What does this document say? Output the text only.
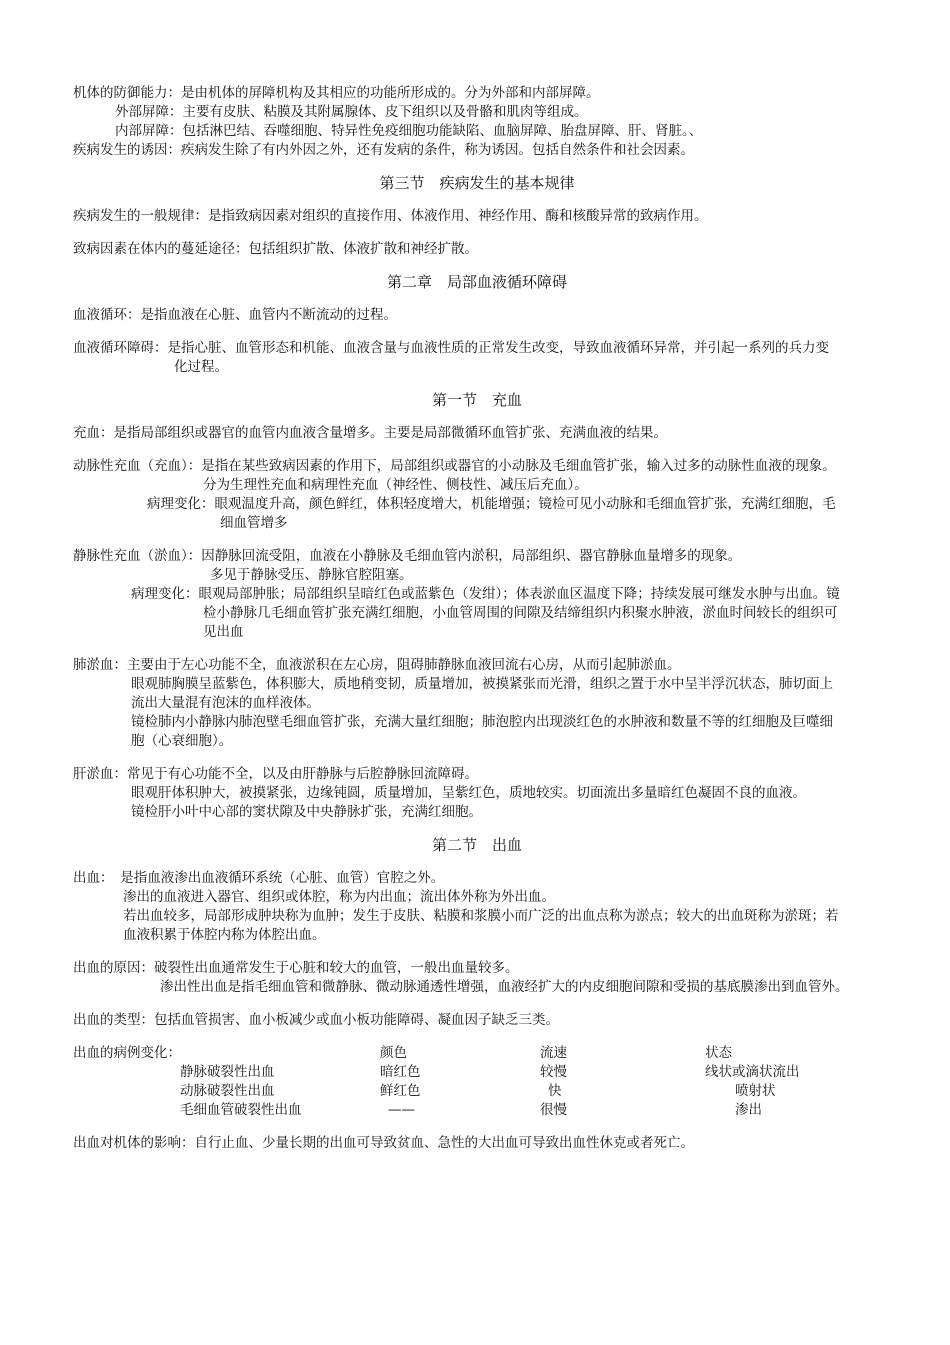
机体的防御能力：是由机体的屏障机构及其相应的功能所形成的。分为外部和内部屏障。
外部屏障：主要有皮肤、粘膜及其附属腺体、皮下组织以及骨骼和肌肉等组成。
内部屏障：包括淋巴结、吞噬细胞、特异性免疫细胞功能缺陷、血脑屏障、胎盘屏障、肝、肾脏。、
疾病发生的诱因：疾病发生除了有内外因之外，还有发病的条件，称为诱因。包括自然条件和社会因素。
第三节　疾病发生的基本规律
疾病发生的一般规律：是指致病因素对组织的直接作用、体液作用、神经作用、酶和核酸异常的致病作用。
致病因素在体内的蔓延途径：包括组织扩散、体液扩散和神经扩散。
第二章　局部血液循环障碍
血液循环：是指血液在心脏、血管内不断流动的过程。
血液循环障碍：是指心脏、血管形态和机能、血液含量与血液性质的正常发生改变，导致血液循环异常，并引起一系列的兵力变
化过程。
第一节　充血
充血：是指局部组织或器官的血管内血液含量增多。主要是局部微循环血管扩张、充满血液的结果。
动脉性充血（充血）：是指在某些致病因素的作用下，局部组织或器官的小动脉及毛细血管扩张，输入过多的动脉性血液的现象。
分为生理性充血和病理性充血（神经性、侧枝性、减压后充血）。
病理变化：眼观温度升高，颜色鲜红，体积轻度增大，机能增强；镜检可见小动脉和毛细血管扩张，充满红细胞，毛
细血管增多
静脉性充血（淤血）：因静脉回流受阻，血液在小静脉及毛细血管内淤积，局部组织、器官静脉血量增多的现象。
多见于静脉受压、静脉官腔阻塞。
病理变化：眼观局部肿胀；局部组织呈暗红色或蓝紫色（发绀）；体表淤血区温度下降；持续发展可继发水肿与出血。镜
检小静脉几毛细血管扩张充满红细胞，小血管周围的间隙及结缔组织内积聚水肿液，淤血时间较长的组织可
见出血
肺淤血：主要由于左心功能不全，血液淤积在左心房，阻碍肺静脉血液回流右心房，从而引起肺淤血。
眼观肺胸膜呈蓝紫色，体积膨大，质地稍变韧，质量增加，被摸紧张而光滑，组织之置于水中呈半浮沉状态，肺切面上
流出大量混有泡沫的血样液体。
镜检肺内小静脉内肺泡壁毛细血管扩张，充满大量红细胞；肺泡腔内出现淡红色的水肿液和数量不等的红细胞及巨噬细
胞（心衰细胞）。
肝淤血：常见于有心功能不全，以及由肝静脉与后腔静脉回流障碍。
眼观肝体积肿大，被摸紧张，边缘钝圆，质量增加，呈紫红色，质地较实。切面流出多量暗红色凝固不良的血液。
镜检肝小叶中心部的窦状隙及中央静脉扩张，充满红细胞。
第二节　出血
出血：　是指血液渗出血液循环系统（心脏、血管）官腔之外。
渗出的血液进入器官、组织或体腔，称为内出血；流出体外称为外出血。
若出血较多，局部形成肿块称为血肿；发生于皮肤、粘膜和浆膜小而广泛的出血点称为淤点；较大的出血斑称为淤斑；若
血液积累于体腔内称为体腔出血。
出血的原因：破裂性出血通常发生于心脏和较大的血管，一般出血量较多。
渗出性出血是指毛细血管和微静脉、微动脉通透性增强，血液经扩大的内皮细胞间隙和受损的基底膜渗出到血管外。
出血的类型：包括血管损害、血小板减少或血小板功能障碍、凝血因子缺乏三类。
出血的病例变化：	颜色	流速	状态
静脉破裂性出血	暗红色	较慢	线状或滴状流出
动脉破裂性出血	鲜红色	快	喷射状
毛细血管破裂性出血	——	很慢	渗出
出血对机体的影响：自行止血、少量长期的出血可导致贫血、急性的大出血可导致出血性休克或者死亡。
